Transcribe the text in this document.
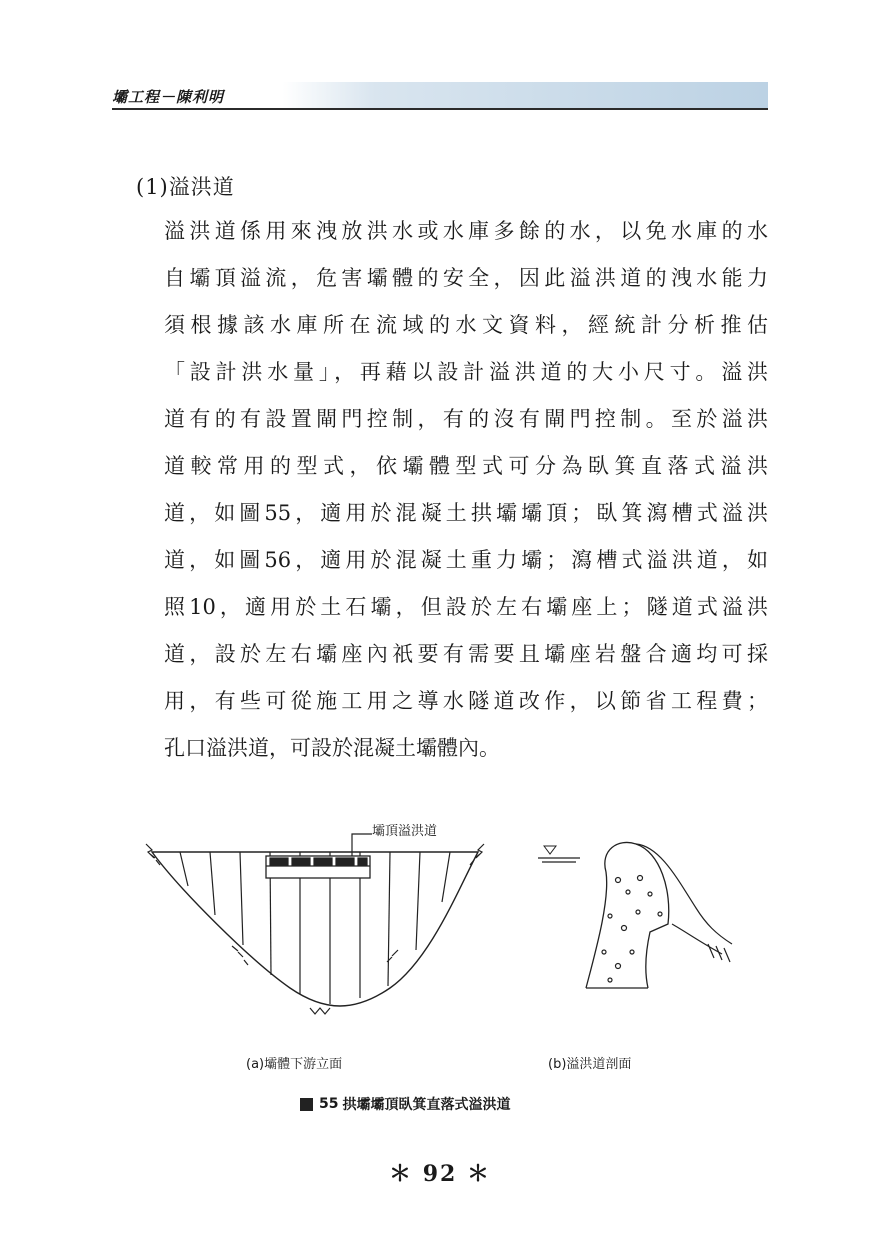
壩工程－陳利明
(1)溢洪道
溢洪道係用來洩放洪水或水庫多餘的水，以免水庫的水
自壩頂溢流，危害壩體的安全，因此溢洪道的洩水能力
須根據該水庫所在流域的水文資料，經統計分析推估
「設計洪水量」，再藉以設計溢洪道的大小尺寸。溢洪
道有的有設置閘門控制，有的沒有閘門控制。至於溢洪
道較常用的型式，依壩體型式可分為臥箕直落式溢洪
道，如圖55，適用於混凝土拱壩壩頂；臥箕瀉槽式溢洪
道，如圖56，適用於混凝土重力壩；瀉槽式溢洪道，如
照10，適用於土石壩，但設於左右壩座上；隧道式溢洪
道，設於左右壩座內祇要有需要且壩座岩盤合適均可採
用，有些可從施工用之導水隧道改作，以節省工程費；
孔口溢洪道，可設於混凝土壩體內。
壩頂溢洪道
(a)壩體下游立面	(b)溢洪道剖面
55 拱壩壩頂臥箕直落式溢洪道
＊ 92 ＊
